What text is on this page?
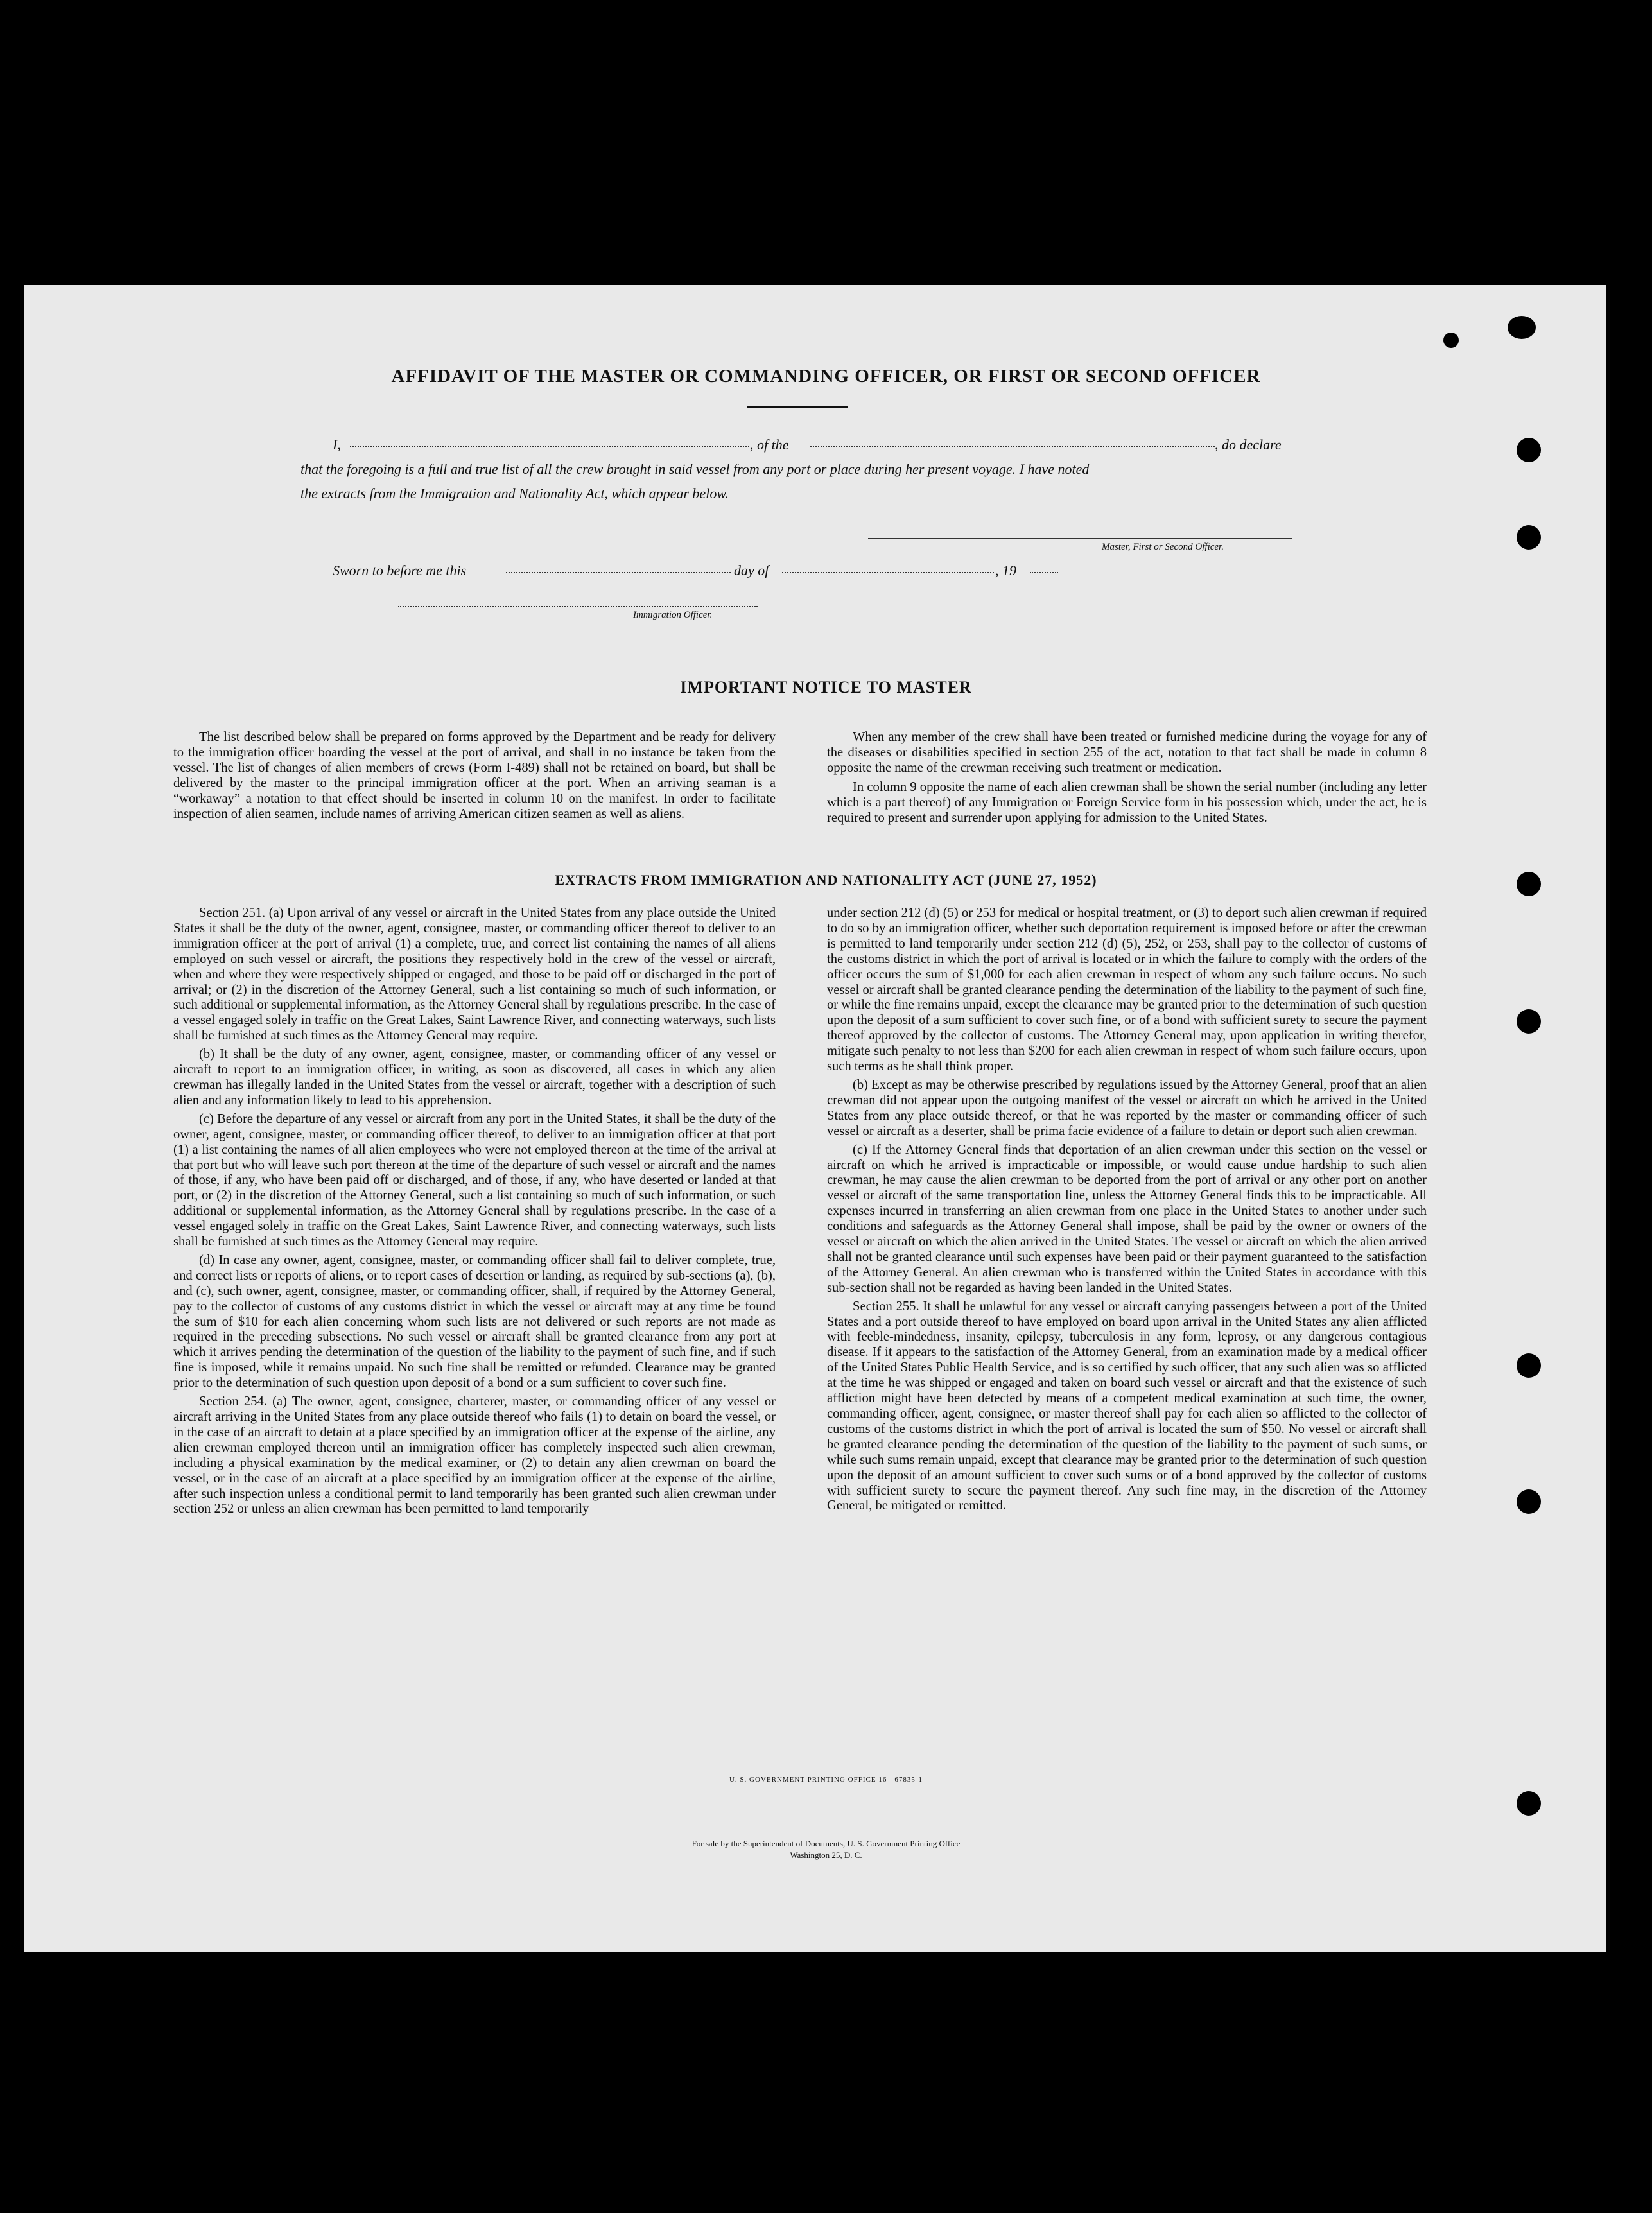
AFFIDAVIT OF THE MASTER OR COMMANDING OFFICER, OR FIRST OR SECOND OFFICER
I,	, of the	, do declare
that the foregoing is a full and true list of all the crew brought in said vessel from any port or place during her present voyage. I have noted
the extracts from the Immigration and Nationality Act, which appear below.
Master, First or Second Officer.
Sworn to before me this	day of	, 19
Immigration Officer.
IMPORTANT NOTICE TO MASTER

The list described below shall be prepared on forms approved by the Department and be ready for delivery to the immigration officer boarding the vessel at the port of arrival, and shall in no instance be taken from the vessel. The list of changes of alien members of crews (Form I-489) shall not be retained on board, but shall be delivered by the master to the principal immigration officer at the port. When an arriving seaman is a “workaway” a notation to that effect should be inserted in column 10 on the manifest. In order to facilitate inspection of alien seamen, include names of arriving American citizen seamen as well as aliens.

When any member of the crew shall have been treated or furnished medicine during the voyage for any of the diseases or disabilities specified in section 255 of the act, notation to that fact shall be made in column 8 opposite the name of the crewman receiving such treatment or medication.

In column 9 opposite the name of each alien crewman shall be shown the serial number (including any letter which is a part thereof) of any Immigration or Foreign Service form in his possession which, under the act, he is required to present and surrender upon applying for admission to the United States.

EXTRACTS FROM IMMIGRATION AND NATIONALITY ACT (JUNE 27, 1952)

Section 251. (a) Upon arrival of any vessel or aircraft in the United States from any place outside the United States it shall be the duty of the owner, agent, consignee, master, or commanding officer thereof to deliver to an immigration officer at the port of arrival (1) a complete, true, and correct list containing the names of all aliens employed on such vessel or aircraft, the positions they respectively hold in the crew of the vessel or aircraft, when and where they were respectively shipped or engaged, and those to be paid off or discharged in the port of arrival; or (2) in the discretion of the Attorney General, such a list containing so much of such information, or such additional or supplemental information, as the Attorney General shall by regulations prescribe. In the case of a vessel engaged solely in traffic on the Great Lakes, Saint Lawrence River, and connecting waterways, such lists shall be furnished at such times as the Attorney General may require.

(b) It shall be the duty of any owner, agent, consignee, master, or commanding officer of any vessel or aircraft to report to an immigration officer, in writing, as soon as discovered, all cases in which any alien crewman has illegally landed in the United States from the vessel or aircraft, together with a description of such alien and any information likely to lead to his apprehension.

(c) Before the departure of any vessel or aircraft from any port in the United States, it shall be the duty of the owner, agent, consignee, master, or commanding officer thereof, to deliver to an immigration officer at that port (1) a list containing the names of all alien employees who were not employed thereon at the time of the arrival at that port but who will leave such port thereon at the time of the departure of such vessel or aircraft and the names of those, if any, who have been paid off or discharged, and of those, if any, who have deserted or landed at that port, or (2) in the discretion of the Attorney General, such a list containing so much of such information, or such additional or supplemental information, as the Attorney General shall by regulations prescribe. In the case of a vessel engaged solely in traffic on the Great Lakes, Saint Lawrence River, and connecting waterways, such lists shall be furnished at such times as the Attorney General may require.

(d) In case any owner, agent, consignee, master, or commanding officer shall fail to deliver complete, true, and correct lists or reports of aliens, or to report cases of desertion or landing, as required by sub-sections (a), (b), and (c), such owner, agent, consignee, master, or commanding officer, shall, if required by the Attorney General, pay to the collector of customs of any customs district in which the vessel or aircraft may at any time be found the sum of $10 for each alien concerning whom such lists are not delivered or such reports are not made as required in the preceding subsections. No such vessel or aircraft shall be granted clearance from any port at which it arrives pending the determination of the question of the liability to the payment of such fine, and if such fine is imposed, while it remains unpaid. No such fine shall be remitted or refunded. Clearance may be granted prior to the determination of such question upon deposit of a bond or a sum sufficient to cover such fine.

Section 254. (a) The owner, agent, consignee, charterer, master, or commanding officer of any vessel or aircraft arriving in the United States from any place outside thereof who fails (1) to detain on board the vessel, or in the case of an aircraft to detain at a place specified by an immigration officer at the expense of the airline, any alien crewman employed thereon until an immigration officer has completely inspected such alien crewman, including a physical examination by the medical examiner, or (2) to detain any alien crewman on board the vessel, or in the case of an aircraft at a place specified by an immigration officer at the expense of the airline, after such inspection unless a conditional permit to land temporarily has been granted such alien crewman under section 252 or unless an alien crewman has been permitted to land temporarily

under section 212 (d) (5) or 253 for medical or hospital treatment, or (3) to deport such alien crewman if required to do so by an immigration officer, whether such deportation requirement is imposed before or after the crewman is permitted to land temporarily under section 212 (d) (5), 252, or 253, shall pay to the collector of customs of the customs district in which the port of arrival is located or in which the failure to comply with the orders of the officer occurs the sum of $1,000 for each alien crewman in respect of whom any such failure occurs. No such vessel or aircraft shall be granted clearance pending the determination of the liability to the payment of such fine, or while the fine remains unpaid, except the clearance may be granted prior to the determination of such question upon the deposit of a sum sufficient to cover such fine, or of a bond with sufficient surety to secure the payment thereof approved by the collector of customs. The Attorney General may, upon application in writing therefor, mitigate such penalty to not less than $200 for each alien crewman in respect of whom such failure occurs, upon such terms as he shall think proper.

(b) Except as may be otherwise prescribed by regulations issued by the Attorney General, proof that an alien crewman did not appear upon the outgoing manifest of the vessel or aircraft on which he arrived in the United States from any place outside thereof, or that he was reported by the master or commanding officer of such vessel or aircraft as a deserter, shall be prima facie evidence of a failure to detain or deport such alien crewman.

(c) If the Attorney General finds that deportation of an alien crewman under this section on the vessel or aircraft on which he arrived is impracticable or impossible, or would cause undue hardship to such alien crewman, he may cause the alien crewman to be deported from the port of arrival or any other port on another vessel or aircraft of the same transportation line, unless the Attorney General finds this to be impracticable. All expenses incurred in transferring an alien crewman from one place in the United States to another under such conditions and safeguards as the Attorney General shall impose, shall be paid by the owner or owners of the vessel or aircraft on which the alien arrived in the United States. The vessel or aircraft on which the alien arrived shall not be granted clearance until such expenses have been paid or their payment guaranteed to the satisfaction of the Attorney General. An alien crewman who is transferred within the United States in accordance with this sub-section shall not be regarded as having been landed in the United States.

Section 255. It shall be unlawful for any vessel or aircraft carrying passengers between a port of the United States and a port outside thereof to have employed on board upon arrival in the United States any alien afflicted with feeble-mindedness, insanity, epilepsy, tuberculosis in any form, leprosy, or any dangerous contagious disease. If it appears to the satisfaction of the Attorney General, from an examination made by a medical officer of the United States Public Health Service, and is so certified by such officer, that any such alien was so afflicted at the time he was shipped or engaged and taken on board such vessel or aircraft and that the existence of such affliction might have been detected by means of a competent medical examination at such time, the owner, commanding officer, agent, consignee, or master thereof shall pay for each alien so afflicted to the collector of customs of the customs district in which the port of arrival is located the sum of $50. No vessel or aircraft shall be granted clearance pending the determination of the question of the liability to the payment of such sums, or while such sums remain unpaid, except that clearance may be granted prior to the determination of such question upon the deposit of an amount sufficient to cover such sums or of a bond approved by the collector of customs with sufficient surety to secure the payment thereof. Any such fine may, in the discretion of the Attorney General, be mitigated or remitted.

U. S. GOVERNMENT PRINTING OFFICE 16—67835-1
For sale by the Superintendent of Documents, U. S. Government Printing Office
Washington 25, D. C.
